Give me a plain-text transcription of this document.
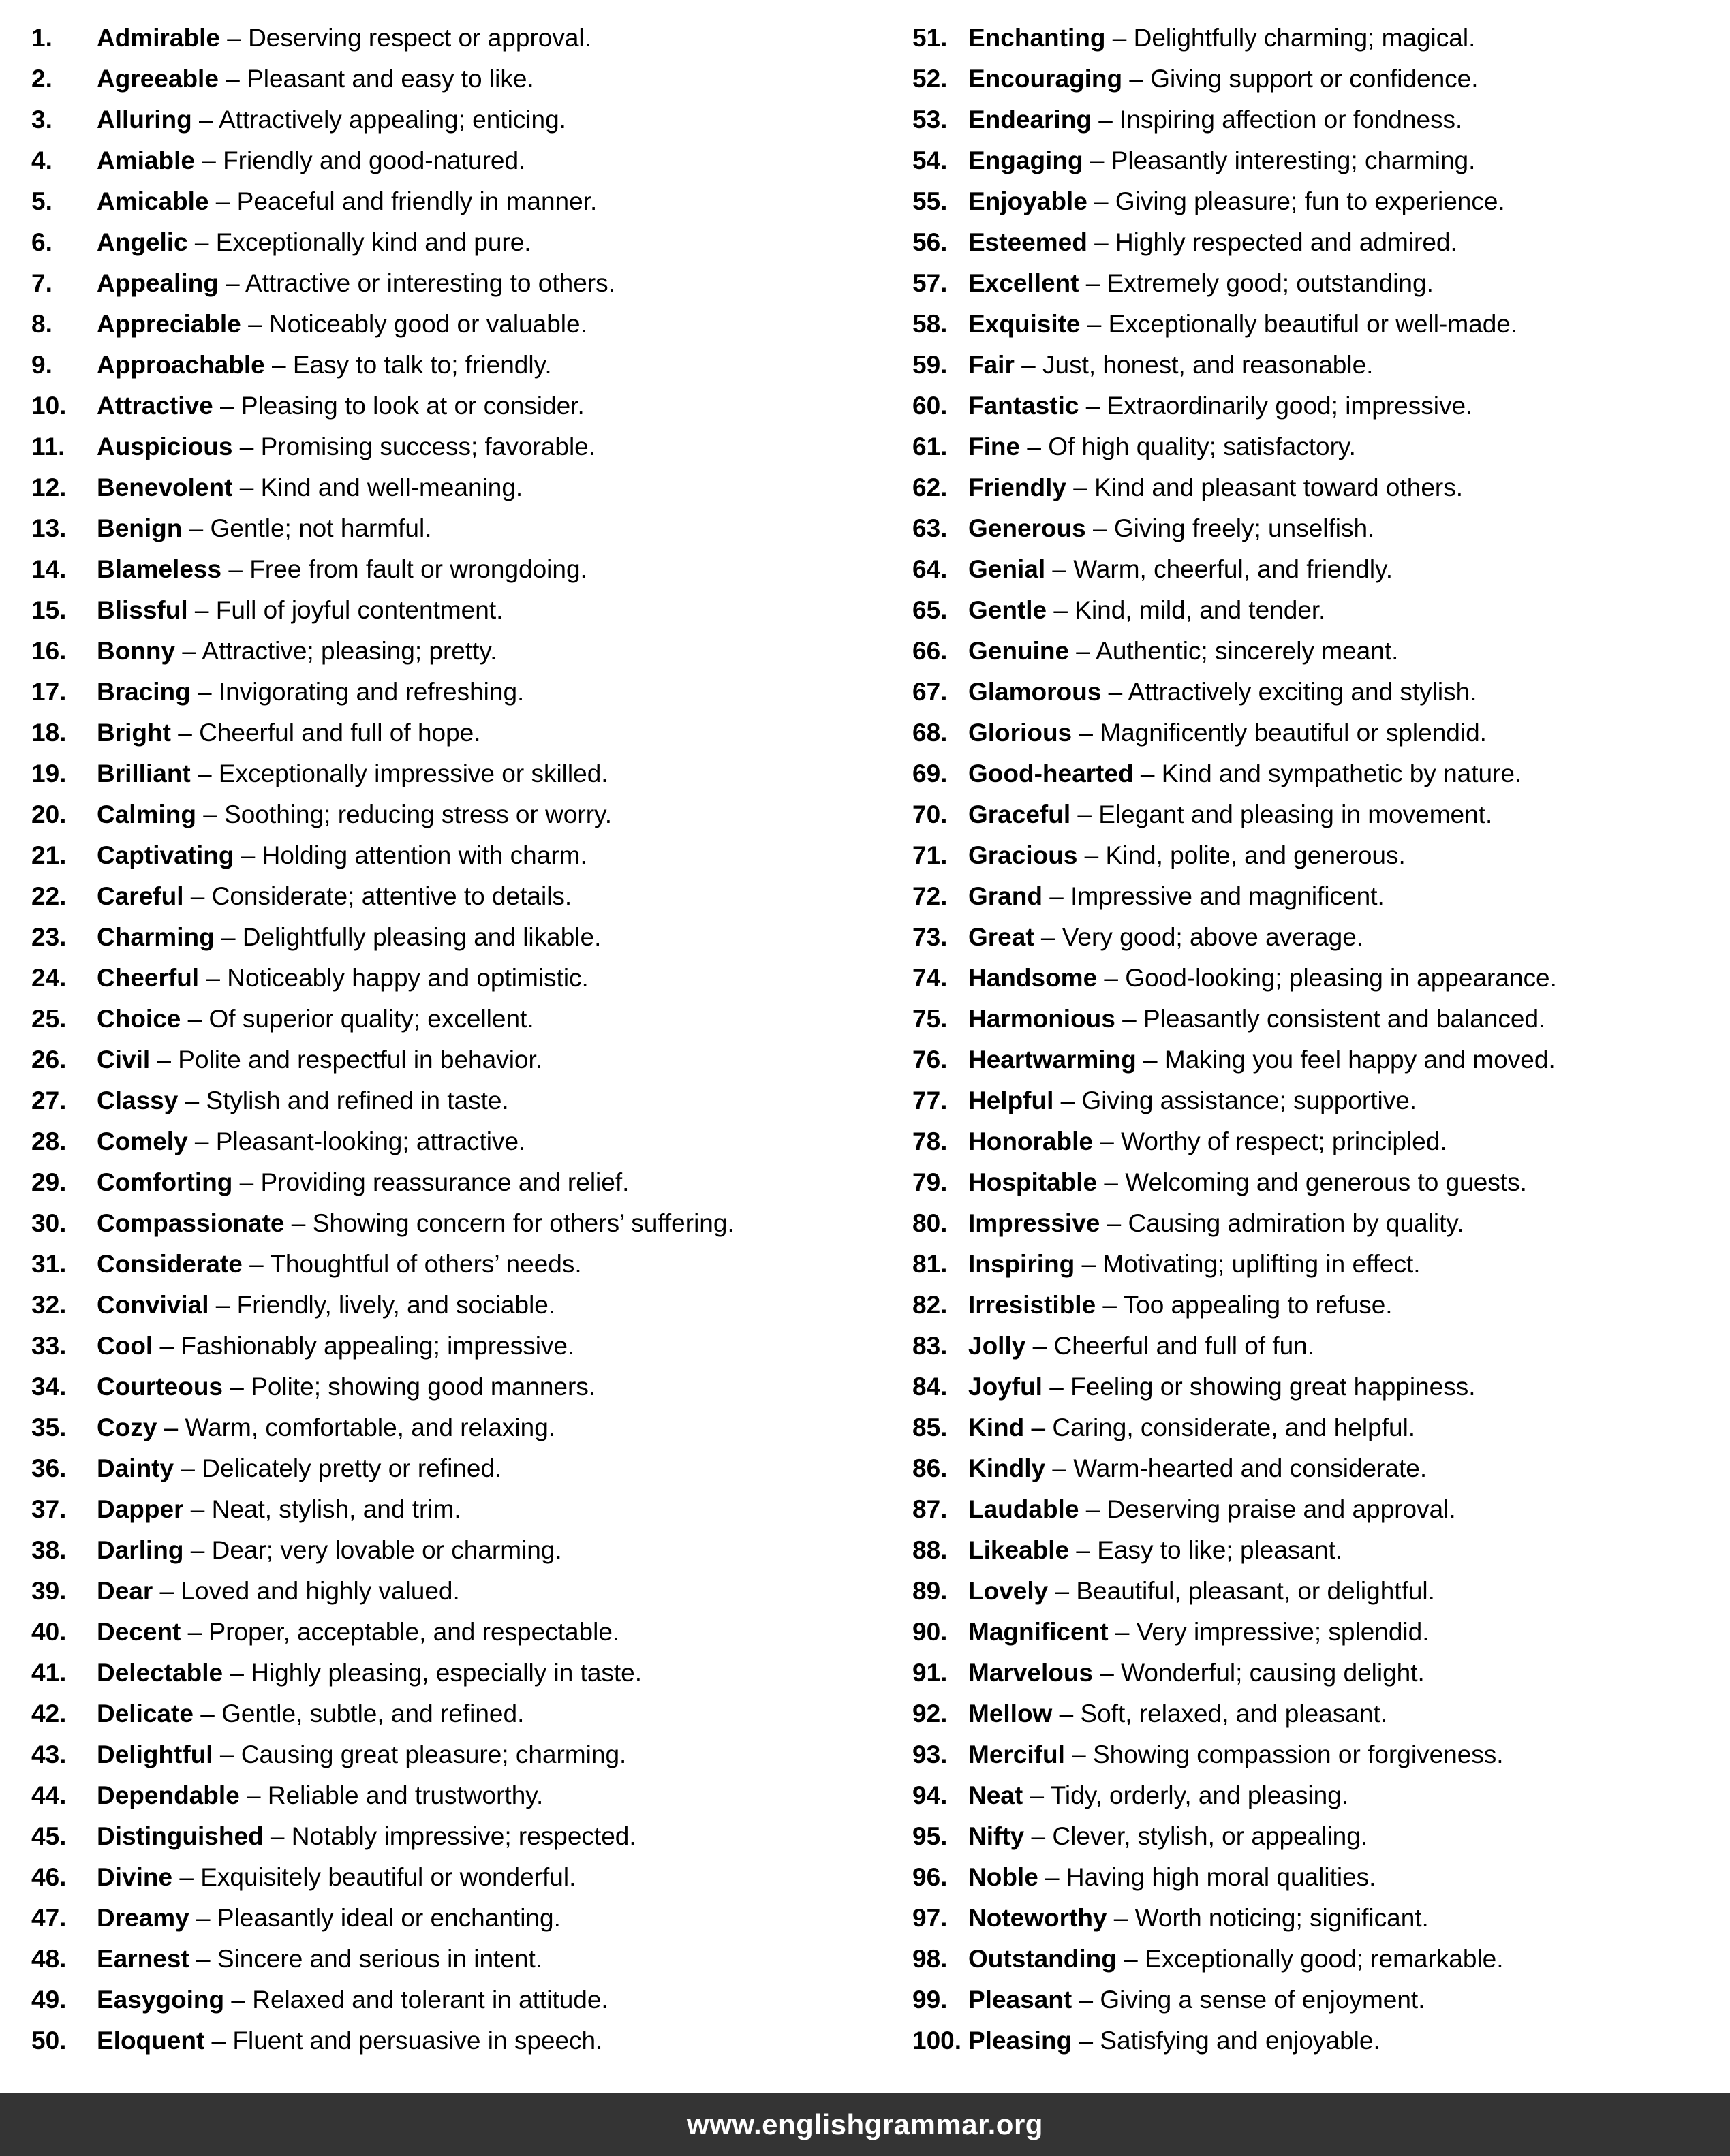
1.	Admirable – Deserving respect or approval.
2.	Agreeable – Pleasant and easy to like.
3.	Alluring – Attractively appealing; enticing.
4.	Amiable – Friendly and good-natured.
5.	Amicable – Peaceful and friendly in manner.
6.	Angelic – Exceptionally kind and pure.
7.	Appealing – Attractive or interesting to others.
8.	Appreciable – Noticeably good or valuable.
9.	Approachable – Easy to talk to; friendly.
10.	Attractive – Pleasing to look at or consider.
11.	Auspicious – Promising success; favorable.
12.	Benevolent – Kind and well-meaning.
13.	Benign – Gentle; not harmful.
14.	Blameless – Free from fault or wrongdoing.
15.	Blissful – Full of joyful contentment.
16.	Bonny – Attractive; pleasing; pretty.
17.	Bracing – Invigorating and refreshing.
18.	Bright – Cheerful and full of hope.
19.	Brilliant – Exceptionally impressive or skilled.
20.	Calming – Soothing; reducing stress or worry.
21.	Captivating – Holding attention with charm.
22.	Careful – Considerate; attentive to details.
23.	Charming – Delightfully pleasing and likable.
24.	Cheerful – Noticeably happy and optimistic.
25.	Choice – Of superior quality; excellent.
26.	Civil – Polite and respectful in behavior.
27.	Classy – Stylish and refined in taste.
28.	Comely – Pleasant-looking; attractive.
29.	Comforting – Providing reassurance and relief.
30.	Compassionate – Showing concern for others’ suffering.
31.	Considerate – Thoughtful of others’ needs.
32.	Convivial – Friendly, lively, and sociable.
33.	Cool – Fashionably appealing; impressive.
34.	Courteous – Polite; showing good manners.
35.	Cozy – Warm, comfortable, and relaxing.
36.	Dainty – Delicately pretty or refined.
37.	Dapper – Neat, stylish, and trim.
38.	Darling – Dear; very lovable or charming.
39.	Dear – Loved and highly valued.
40.	Decent – Proper, acceptable, and respectable.
41.	Delectable – Highly pleasing, especially in taste.
42.	Delicate – Gentle, subtle, and refined.
43.	Delightful – Causing great pleasure; charming.
44.	Dependable – Reliable and trustworthy.
45.	Distinguished – Notably impressive; respected.
46.	Divine – Exquisitely beautiful or wonderful.
47.	Dreamy – Pleasantly ideal or enchanting.
48.	Earnest – Sincere and serious in intent.
49.	Easygoing – Relaxed and tolerant in attitude.
50.	Eloquent – Fluent and persuasive in speech.
51. Enchanting – Delightfully charming; magical.
52. Encouraging – Giving support or confidence.
53. Endearing – Inspiring affection or fondness.
54. Engaging – Pleasantly interesting; charming.
55. Enjoyable – Giving pleasure; fun to experience.
56. Esteemed – Highly respected and admired.
57. Excellent – Extremely good; outstanding.
58. Exquisite – Exceptionally beautiful or well-made.
59. Fair – Just, honest, and reasonable.
60. Fantastic – Extraordinarily good; impressive.
61. Fine – Of high quality; satisfactory.
62. Friendly – Kind and pleasant toward others.
63. Generous – Giving freely; unselfish.
64. Genial – Warm, cheerful, and friendly.
65. Gentle – Kind, mild, and tender.
66. Genuine – Authentic; sincerely meant.
67. Glamorous – Attractively exciting and stylish.
68. Glorious – Magnificently beautiful or splendid.
69. Good-hearted – Kind and sympathetic by nature.
70. Graceful – Elegant and pleasing in movement.
71. Gracious – Kind, polite, and generous.
72. Grand – Impressive and magnificent.
73. Great – Very good; above average.
74. Handsome – Good-looking; pleasing in appearance.
75. Harmonious – Pleasantly consistent and balanced.
76. Heartwarming – Making you feel happy and moved.
77. Helpful – Giving assistance; supportive.
78. Honorable – Worthy of respect; principled.
79. Hospitable – Welcoming and generous to guests.
80. Impressive – Causing admiration by quality.
81. Inspiring – Motivating; uplifting in effect.
82. Irresistible – Too appealing to refuse.
83. Jolly – Cheerful and full of fun.
84. Joyful – Feeling or showing great happiness.
85. Kind – Caring, considerate, and helpful.
86. Kindly – Warm-hearted and considerate.
87. Laudable – Deserving praise and approval.
88. Likeable – Easy to like; pleasant.
89. Lovely – Beautiful, pleasant, or delightful.
90. Magnificent – Very impressive; splendid.
91. Marvelous – Wonderful; causing delight.
92. Mellow – Soft, relaxed, and pleasant.
93. Merciful – Showing compassion or forgiveness.
94. Neat – Tidy, orderly, and pleasing.
95. Nifty – Clever, stylish, or appealing.
96. Noble – Having high moral qualities.
97. Noteworthy – Worth noticing; significant.
98. Outstanding – Exceptionally good; remarkable.
99. Pleasant – Giving a sense of enjoyment.
100. Pleasing – Satisfying and enjoyable.
www.englishgrammar.org
